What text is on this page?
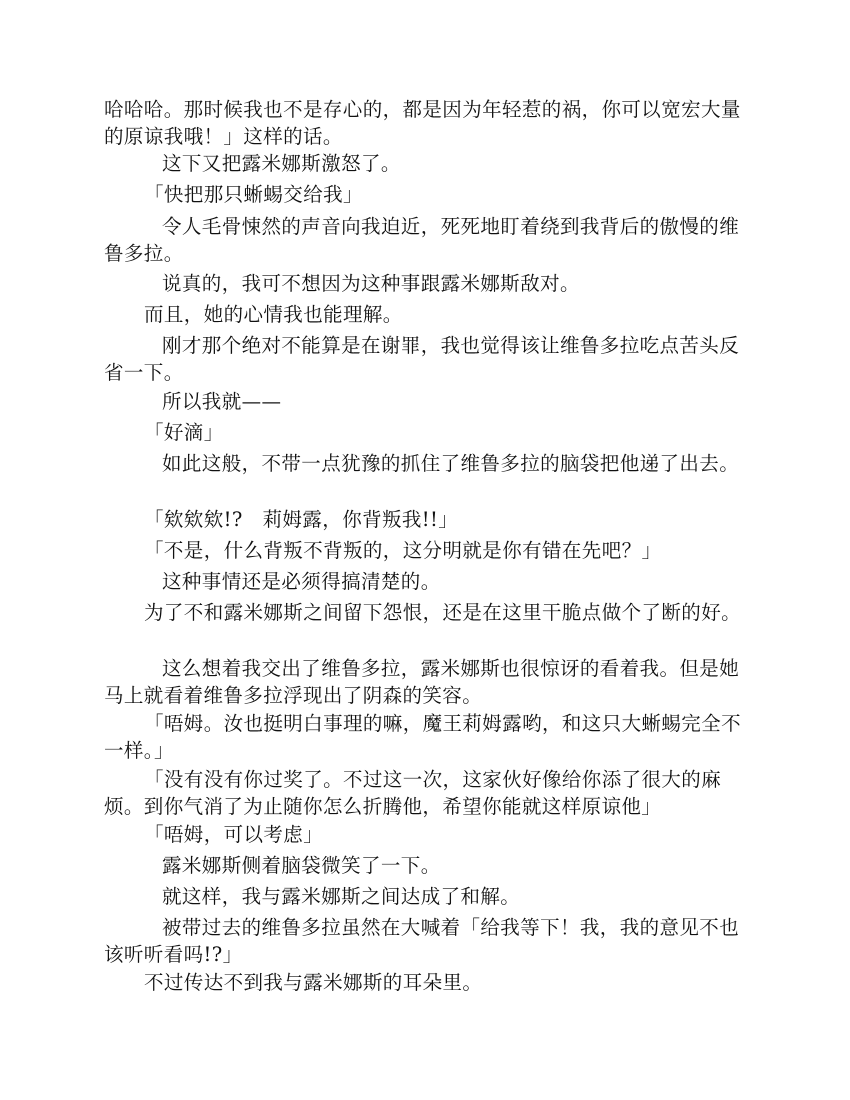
哈哈哈。那时候我也不是存心的，都是因为年轻惹的祸，你可以宽宏大量的原谅我哦！」这样的话。

这下又把露米娜斯激怒了。

「快把那只蜥蜴交给我」

令人毛骨悚然的声音向我迫近，死死地盯着绕到我背后的傲慢的维鲁多拉。

说真的，我可不想因为这种事跟露米娜斯敌对。

而且，她的心情我也能理解。

刚才那个绝对不能算是在谢罪，我也觉得该让维鲁多拉吃点苦头反省一下。

所以我就——

「好滴」

如此这般，不带一点犹豫的抓住了维鲁多拉的脑袋把他递了出去。

「欸欸欸!?　莉姆露，你背叛我!!」

「不是，什么背叛不背叛的，这分明就是你有错在先吧？」

这种事情还是必须得搞清楚的。

为了不和露米娜斯之间留下怨恨，还是在这里干脆点做个了断的好。

这么想着我交出了维鲁多拉，露米娜斯也很惊讶的看着我。但是她马上就看着维鲁多拉浮现出了阴森的笑容。

「唔姆。汝也挺明白事理的嘛，魔王莉姆露哟，和这只大蜥蜴完全不一样。」

「没有没有你过奖了。不过这一次，这家伙好像给你添了很大的麻烦。到你气消了为止随你怎么折腾他，希望你能就这样原谅他」

「唔姆，可以考虑」

露米娜斯侧着脑袋微笑了一下。

就这样，我与露米娜斯之间达成了和解。

被带过去的维鲁多拉虽然在大喊着「给我等下！我，我的意见不也该听听看吗!?」

不过传达不到我与露米娜斯的耳朵里。
